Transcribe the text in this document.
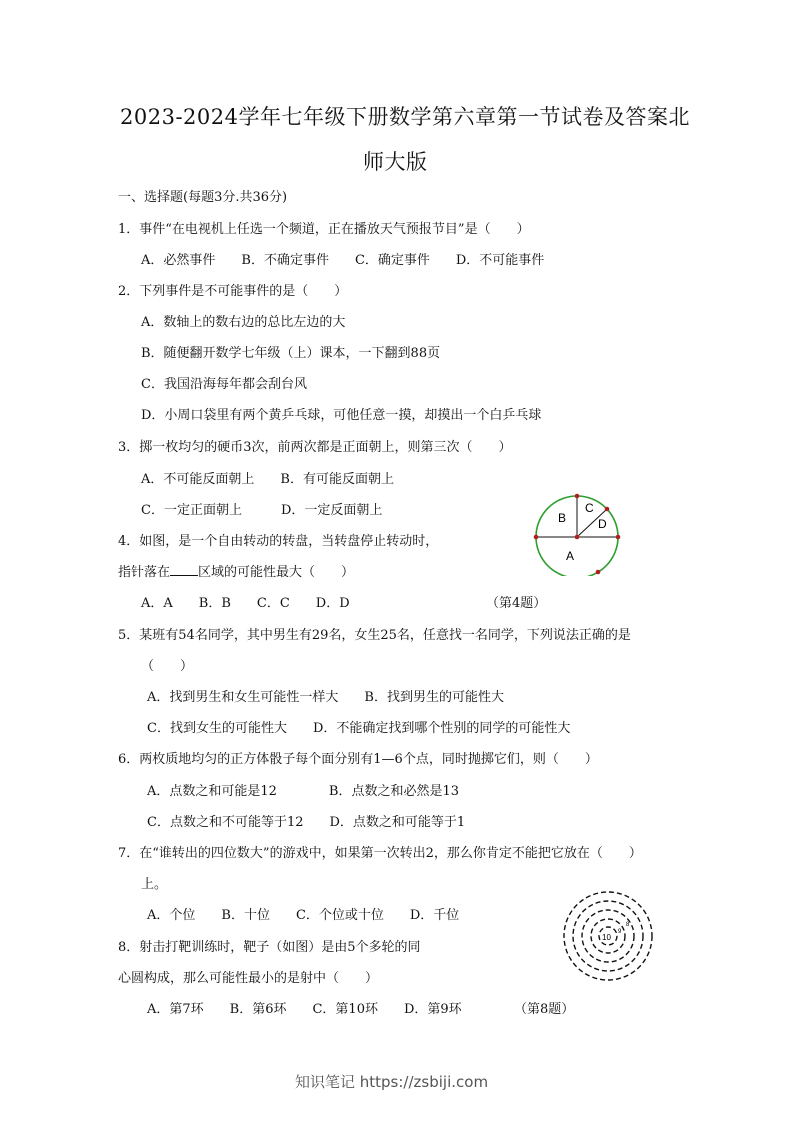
2023-2024学年七年级下册数学第六章第一节试卷及答案北
师大版
一、选择题(每题3分.共36分)
1．事件“在电视机上任选一个频道，正在播放天气预报节目”是（　　）
A．必然事件　　B．不确定事件　　C．确定事件　　D．不可能事件
2．下列事件是不可能事件的是（　　）
A．数轴上的数右边的总比左边的大
B．随便翻开数学七年级（上）课本，一下翻到88页
C．我国沿海每年都会刮台风
D．小周口袋里有两个黄乒乓球，可他任意一摸，却摸出一个白乒乓球
3．掷一枚均匀的硬币3次，前两次都是正面朝上，则第三次（　　）
A．不可能反面朝上　　B．有可能反面朝上
C．一定正面朝上　　　D．一定反面朝上
4．如图，是一个自由转动的转盘，当转盘停止转动时，
指针落在 区域的可能性最大（　　）
A．A　　B．B　　C．C　　D．D	（第4题）
B
C
D
A
5．某班有54名同学，其中男生有29名，女生25名，任意找一名同学，下列说法正确的是
（　　）
A．找到男生和女生可能性一样大　　B．找到男生的可能性大
C．找到女生的可能性大　　D．不能确定找到哪个性别的同学的可能性大
6．两枚质地均匀的正方体骰子每个面分别有1—6个点，同时抛掷它们，则（　　）
A．点数之和可能是12　　　　B．点数之和必然是13
C．点数之和不可能等于12　　D．点数之和可能等于1
7．在“谁转出的四位数大”的游戏中，如果第一次转出2，那么你肯定不能把它放在（　　）
上。
A．个位　　B．十位　　C．个位或十位　　D．千位
8．射击打靶训练时，靶子（如图）是由5个多轮的同
心圆构成，那么可能性最小的是射中（　　）
A．第7环　　B．第6环　　C．第10环　　D．第9环	（第8题）
10
9
8
知识笔记 https://zsbiji.com
